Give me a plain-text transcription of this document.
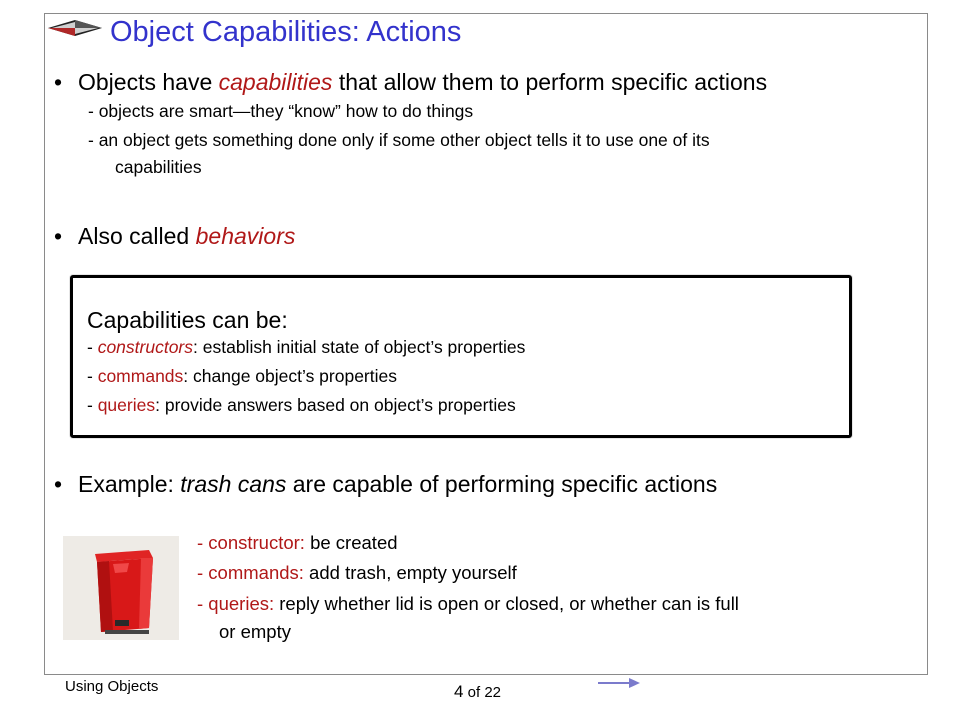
Object Capabilities: Actions
• Objects have capabilities that allow them to perform specific actions
- objects are smart—they “know” how to do things
- an object gets something done only if some other object tells it to use one of its
capabilities
• Also called behaviors
Capabilities can be:
- constructors: establish initial state of object’s properties
- commands: change object’s properties
- queries: provide answers based on object’s properties
• Example: trash cans are capable of performing specific actions
- constructor: be created
- commands: add trash, empty yourself
- queries: reply whether lid is open or closed, or whether can is full
or empty
Using Objects	4 of 22
